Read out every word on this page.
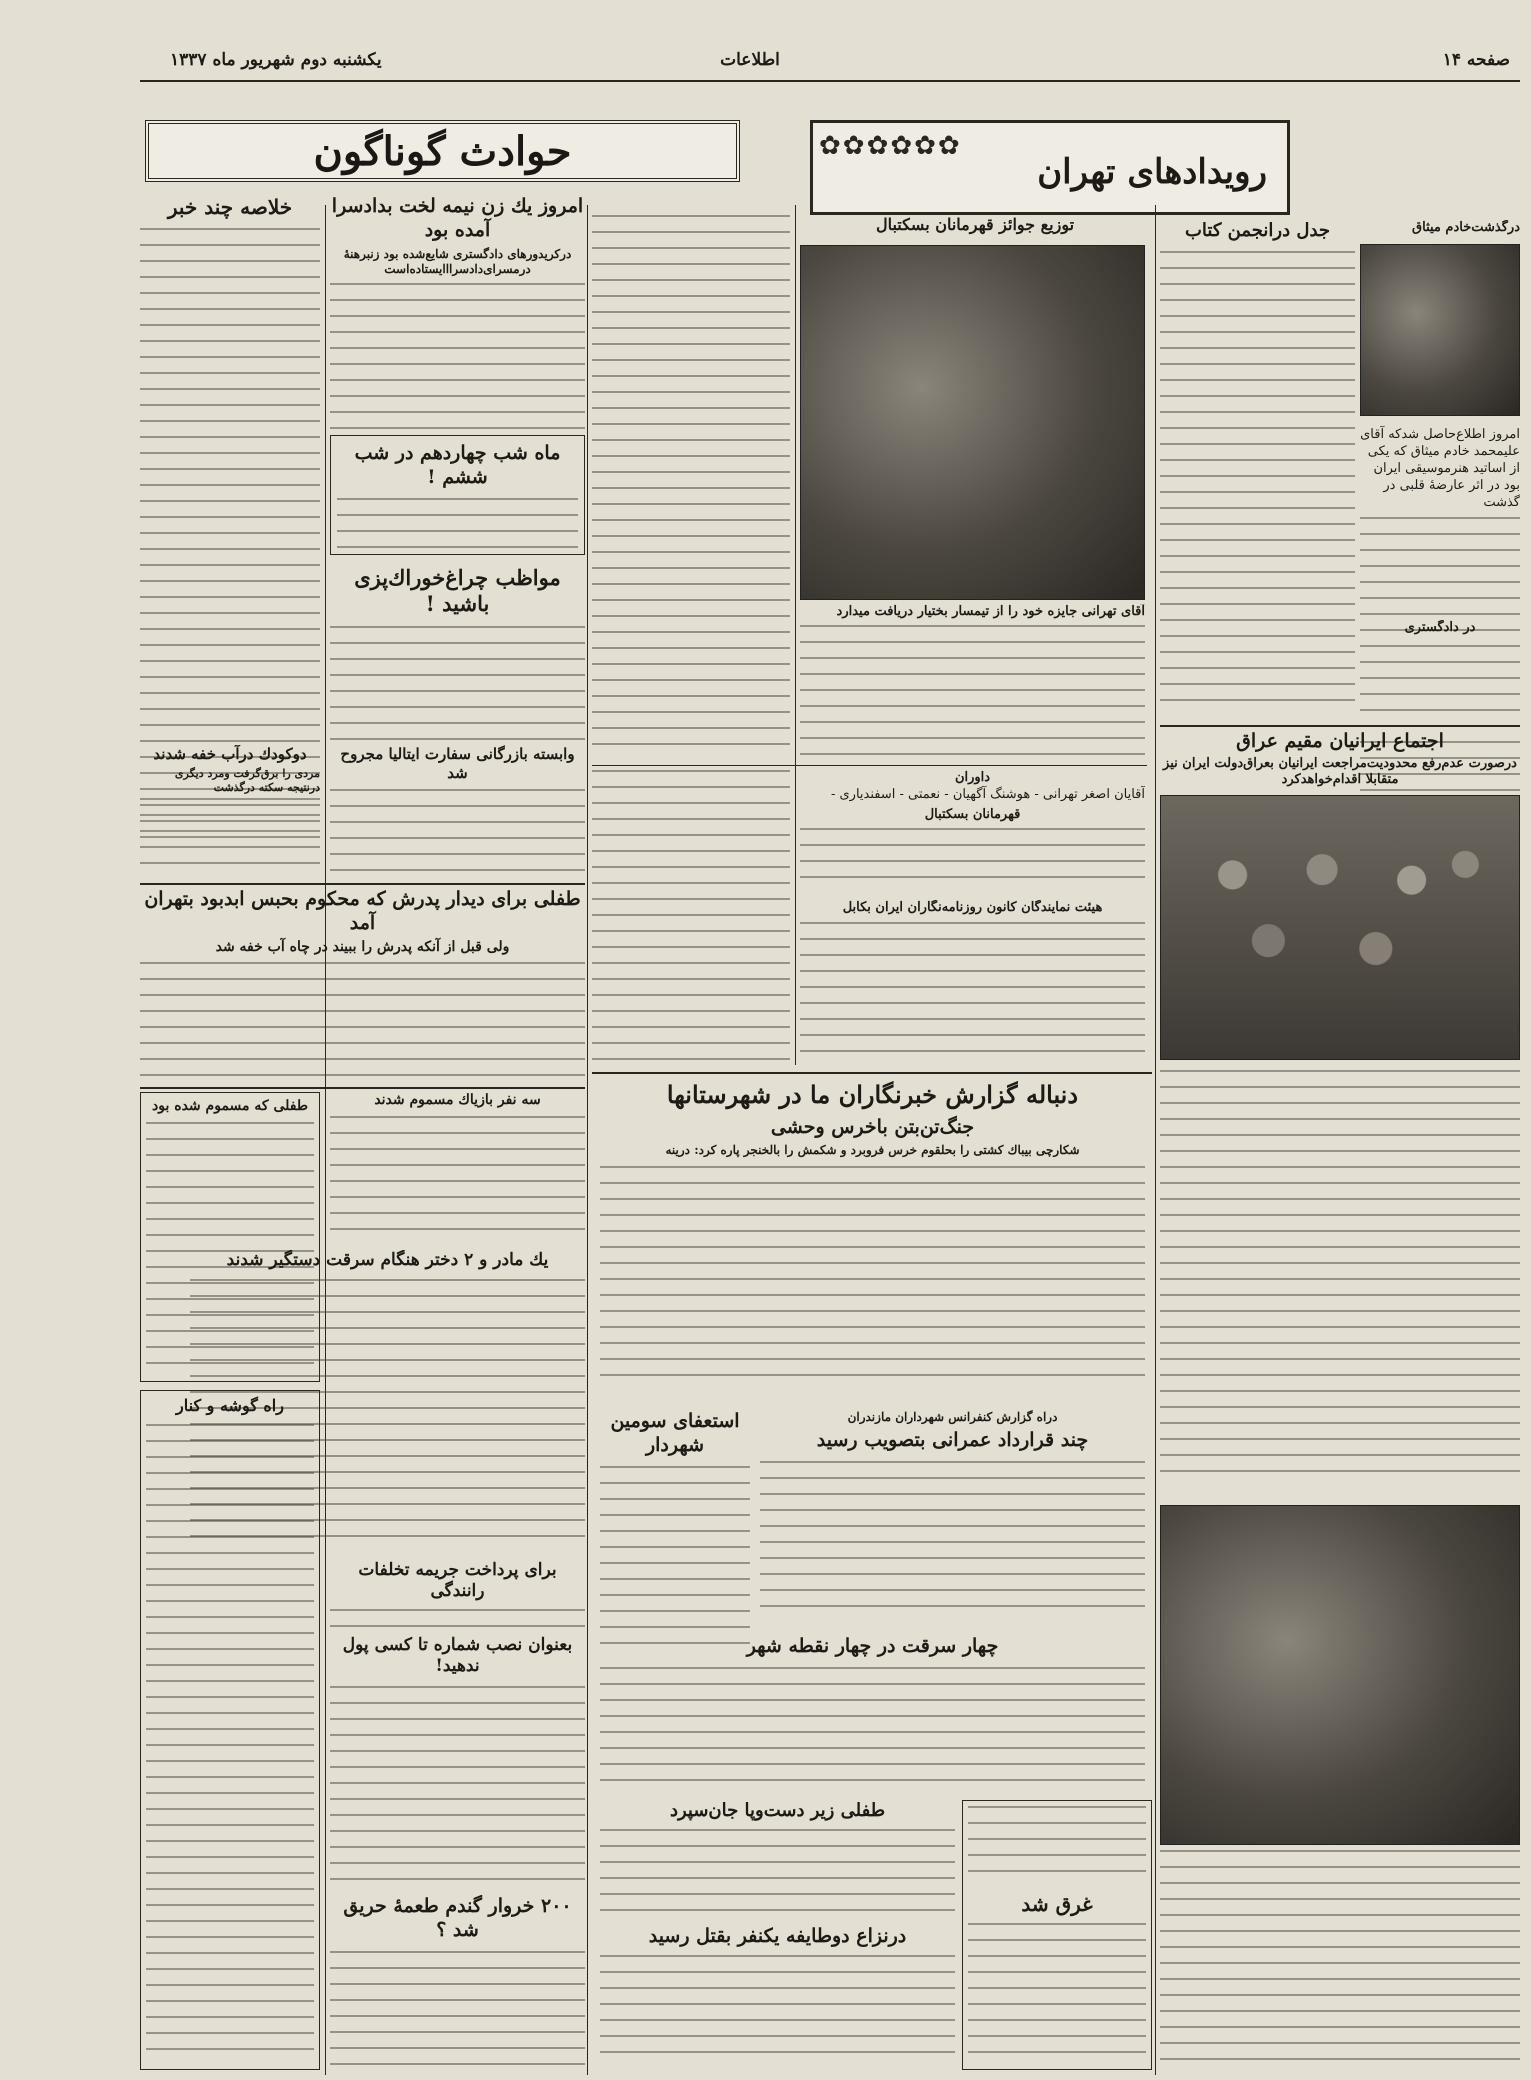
یکشنبه دوم شهریور ماه ۱۳۳۷	اطلاعات	صفحه ۱۴
حوادث گوناگون	✿✿✿✿✿✿
رویدادهای تهران
خلاصه چند خبر	امروز یك زن نیمه لخت بدادسرا آمده بود
دركریدورهای دادگستری شایع‌شده بود زنبرهنهٔ درمسرای‌دادسرااایستاده‌است
ماه شب چهاردهم در شب ششم !
مواظب چراغ‌خوراك‌پزی باشید !
وابسته بازرگانی سفارت ایتالیا مجروح شد
دوكودك درآب خفه شدند
مردی را برق‌گرفت ومرد دیگری درنتیجه سكته درگذشت
طفلی برای دیدار پدرش که محکوم بحبس ابدبود بتهران آمد
ولی قبل از آنكه پدرش را ببیند در چاه آب خفه شد
طفلی كه مسموم شده بود	سه نفر بازیاك مسموم شدند
یك مادر و ۲ دختر هنگام سرقت دستگیر شدند
راه گوشه و كنار
برای پرداخت جریمه تخلفات رانندگی
بعنوان نصب شماره تا كسی پول ندهید!
۲۰۰ خروار گندم طعمهٔ حریق شد ؟
توزیع جوائز قهرمانان بسكتبال
آقای تهرانی جایزه خود را از تیمسار بختیار دریافت میدارد
داوران
آقایان اصغر تهرانی - هوشنگ آگهیان - نعمتی - اسفندیاری -
قهرمانان بسكتبال
هیئت نمایندگان كانون روزنامه‌نگاران ایران بكابل
دنباله گزارش خبرنگاران ما در شهرستانها
جنگ‌تن‌بتن باخرس وحشی
شكارچی بیباك كشتی را بحلقوم خرس فروبرد و شكمش را بالخنجر پاره كرد: درینه
استعفای سومین شهردار
دراه گزارش كنفرانس شهرداران مازندران
چند قرارداد عمرانی بتصویب رسید
چهار سرقت در چهار نقطه شهر
طفلی زیر دست‌وپا جان‌سپرد
غرق شد
درنزاع دوطایفه یكنفر بقتل رسید
درگذشت‌خادم میثاق
امروز اطلاع‌حاصل شدكه آقای علیمحمد خادم میثاق كه یكی از اساتید هنرموسیقی ایران بود در اثر عارضهٔ قلبی در گذشت
جدل درانجمن کتاب
در دادگستری
اجتماع ایرانیان مقیم عراق
درصورت عدم‌رفع محدودیت‌مراجعت ایرانیان بعراق‌دولت ایران نیز متقابلا اقدام‌خواهدکرد
